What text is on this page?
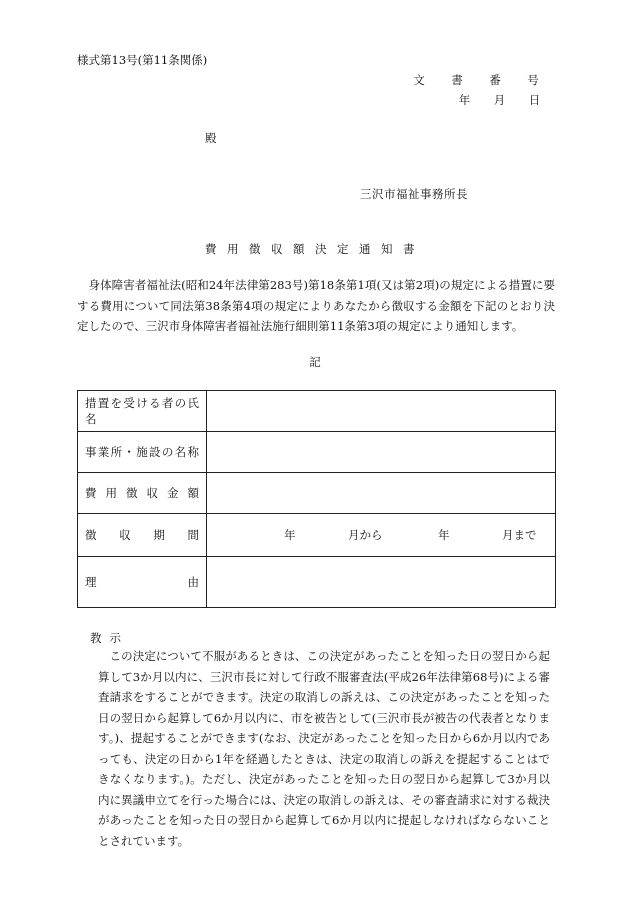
様式第13号(第11条関係)
文 書 番 号
年 月 日
殿
三沢市福祉事務所長
費用徴収額決定通知書
身体障害者福祉法(昭和24年法律第283号)第18条第1項(又は第2項)の規定による措置に要する費用について同法第38条第4項の規定によりあなたから徴収する金額を下記のとおり決定したので、三沢市身体障害者福祉法施行細則第11条第3項の規定により通知します。
記
措置を受ける者の氏名	
事業所・施設の名称	
費用徴収金額	
徴収期間	年 月から 年 月まで

理由	
教示
この決定について不服があるときは、この決定があったことを知った日の翌日から起算して3か月以内に、三沢市長に対して行政不服審査法(平成26年法律第68号)による審査請求をすることができます。決定の取消しの訴えは、この決定があったことを知った日の翌日から起算して6か月以内に、市を被告として(三沢市長が被告の代表者となります。)、提起することができます(なお、決定があったことを知った日から6か月以内であっても、決定の日から1年を経過したときは、決定の取消しの訴えを提起することはできなくなります。)。ただし、決定があったことを知った日の翌日から起算して3か月以内に異議申立てを行った場合には、決定の取消しの訴えは、その審査請求に対する裁決があったことを知った日の翌日から起算して6か月以内に提起しなければならないこととされています。
